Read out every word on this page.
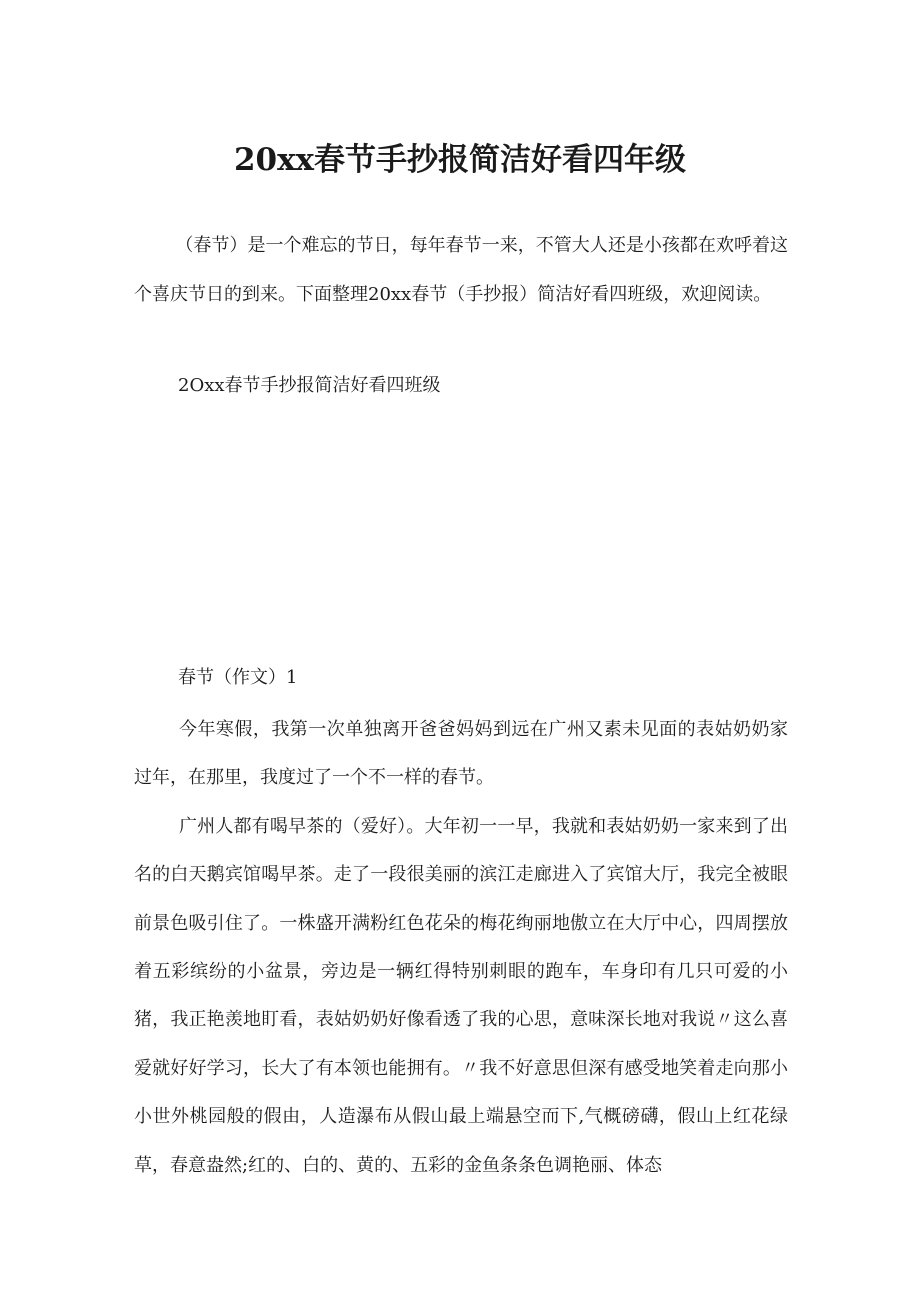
20xx春节手抄报简洁好看四年级

（春节）是一个难忘的节日，每年春节一来，不管大人还是小孩都在欢呼着这个喜庆节日的到来。下面整理20xx春节（手抄报）简洁好看四班级，欢迎阅读。

2Oxx春节手抄报简洁好看四班级

春节（作文）1

今年寒假，我第一次单独离开爸爸妈妈到远在广州又素未见面的表姑奶奶家过年，在那里，我度过了一个不一样的春节。

广州人都有喝早茶的（爱好）。大年初一一早，我就和表姑奶奶一家来到了出名的白天鹅宾馆喝早茶。走了一段很美丽的滨江走廊进入了宾馆大厅，我完全被眼前景色吸引住了。一株盛开满粉红色花朵的梅花绚丽地傲立在大厅中心，四周摆放着五彩缤纷的小盆景，旁边是一辆红得特别刺眼的跑车，车身印有几只可爱的小猪，我正艳羡地盯看，表姑奶奶好像看透了我的心思，意味深长地对我说〃这么喜爱就好好学习，长大了有本领也能拥有。〃我不好意思但深有感受地笑着走向那小小世外桃园般的假由，人造瀑布从假山最上端悬空而下,气概磅礴，假山上红花绿草，春意盎然;红的、白的、黄的、五彩的金鱼条条色调艳丽、体态
